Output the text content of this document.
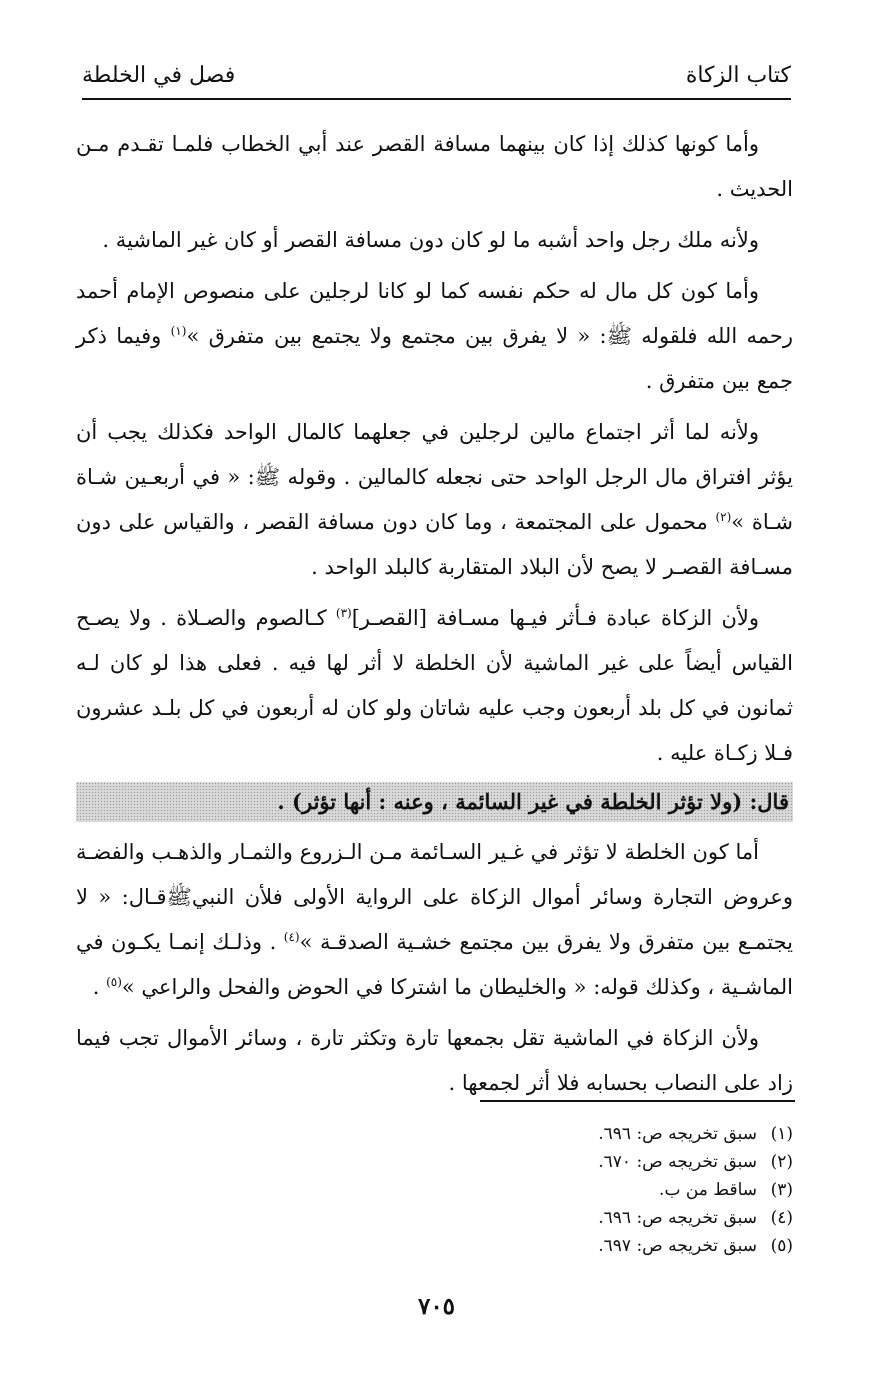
كتاب الزكاة
فصل في الخلطة

وأما كونها كذلك إذا كان بينهما مسافة القصر عند أبي الخطاب فلمـا تقـدم مـن الحديث .

ولأنه ملك رجل واحد أشبه ما لو كان دون مسافة القصر أو كان غير الماشية .

وأما كون كل مال له حكم نفسه كما لو كانا لرجلين على منصوص الإمام أحمد رحمه الله فلقوله ﷺ: « لا يفرق بين مجتمع ولا يجتمع بين متفرق »$^{(١)}$ وفيما ذكر جمع بين متفرق .

ولأنه لما أثر اجتماع مالين لرجلين في جعلهما كالمال الواحد فكذلك يجب أن يؤثر افتراق مال الرجل الواحد حتى نجعله كالمالين . وقوله ﷺ: « في أربعـين شـاة شـاة »$^{(٢)}$ محمول على المجتمعة ، وما كان دون مسافة القصر ، والقياس على دون مسـافة القصـر لا يصح لأن البلاد المتقاربة كالبلد الواحد .

ولأن الزكاة عبادة فـأثر فيـها مسـافة [القصـر]$^{(٣)}$ كـالصوم والصـلاة . ولا يصـح القياس أيضاً على غير الماشية لأن الخلطة لا أثر لها فيه . فعلى هذا لو كان لـه ثمانون في كل بلد أربعون وجب عليه شاتان ولو كان له أربعون في كل بلـد عشرون فـلا زكـاة عليه .

قال: (ولا تؤثر الخلطة في غير السائمة ، وعنه : أنها تؤثر) .

أما كون الخلطة لا تؤثر في غـير السـائمة مـن الـزروع والثمـار والذهـب والفضـة وعروض التجارة وسائر أموال الزكاة على الرواية الأولى فلأن النبيﷺقـال: « لا يجتمـع بين متفرق ولا يفرق بين مجتمع خشـية الصدقـة »$^{(٤)}$ . وذلـك إنمـا يكـون في الماشـية ، وكذلك قوله: « والخليطان ما اشتركا في الحوض والفحل والراعي »$^{(٥)}$ .

ولأن الزكاة في الماشية تقل بجمعها تارة وتكثر تارة ، وسائر الأموال تجب فيما زاد على النصاب بحسابه فلا أثر لجمعها .

(١)
سبق تخريجه ص: ٦٩٦.
(٢)
سبق تخريجه ص: ٦٧٠.
(٣)
ساقط من ب.
(٤)
سبق تخريجه ص: ٦٩٦.
(٥)
سبق تخريجه ص: ٦٩٧.
٧٠٥
